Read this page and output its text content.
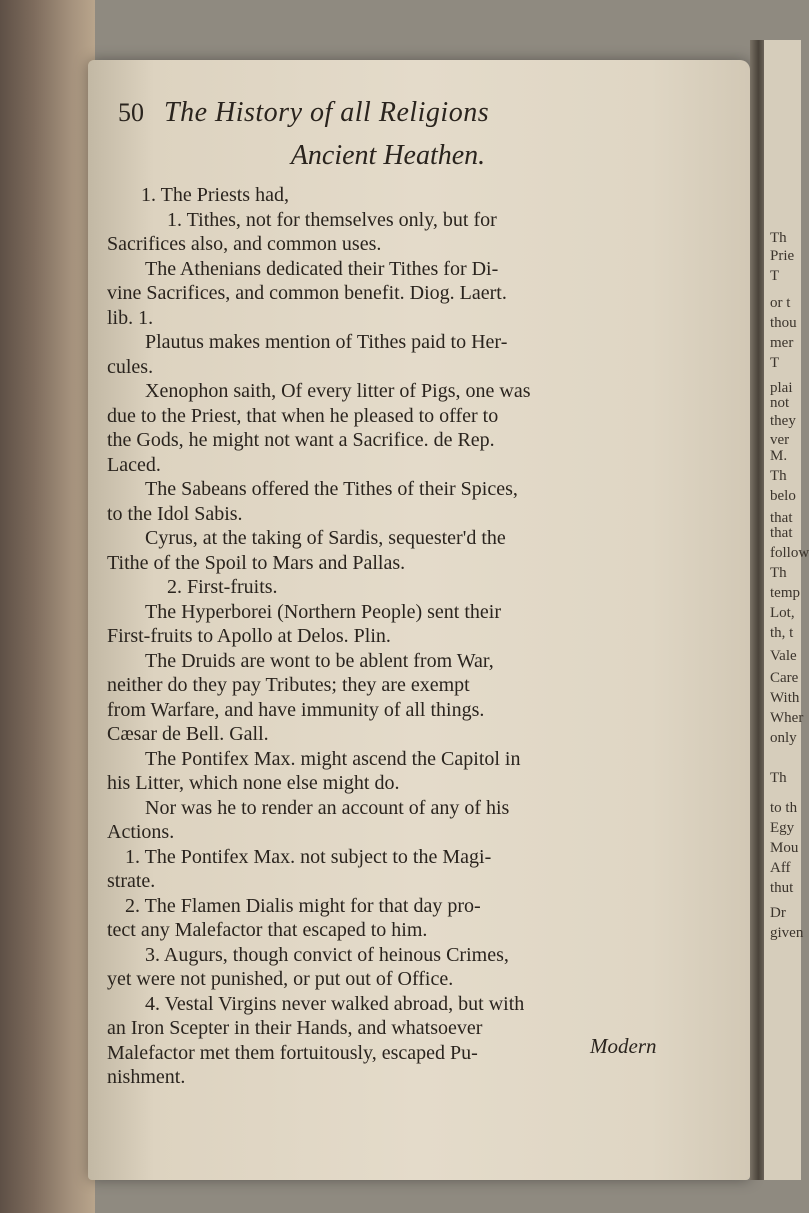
Th
Prie
T
or t
thou
mer
T
plai
not
they
ver
M.
Th
belo
that
that
follow
Th
temp
Lot,
th, t
Vale
Care
With
Wher
only
Th
to th
Egy
Mou
Aff
thut
Dr
given
50 The History of all Religions
Ancient Heathen.
1. The Priests had,
1. Tithes, not for themselves only, but for
Sacrifices also, and common uses.
The Athenians dedicated their Tithes for Di-
vine Sacrifices, and common benefit. Diog. Laert.
lib. 1.
Plautus makes mention of Tithes paid to Her-
cules.
Xenophon saith, Of every litter of Pigs, one was
due to the Priest, that when he pleased to offer to
the Gods, he might not want a Sacrifice. de Rep.
Laced.
The Sabeans offered the Tithes of their Spices,
to the Idol Sabis.
Cyrus, at the taking of Sardis, sequester'd the
Tithe of the Spoil to Mars and Pallas.
2. First-fruits.
The Hyperborei (Northern People) sent their
First-fruits to Apollo at Delos. Plin.
The Druids are wont to be ablent from War,
neither do they pay Tributes; they are exempt
from Warfare, and have immunity of all things.
Cæsar de Bell. Gall.
The Pontifex Max. might ascend the Capitol in
his Litter, which none else might do.
Nor was he to render an account of any of his
Actions.
1. The Pontifex Max. not subject to the Magi-
strate.
2. The Flamen Dialis might for that day pro-
tect any Malefactor that escaped to him.
3. Augurs, though convict of heinous Crimes,
yet were not punished, or put out of Office.
4. Vestal Virgins never walked abroad, but with
an Iron Scepter in their Hands, and whatsoever
Malefactor met them fortuitously, escaped Pu-
nishment.
Modern
